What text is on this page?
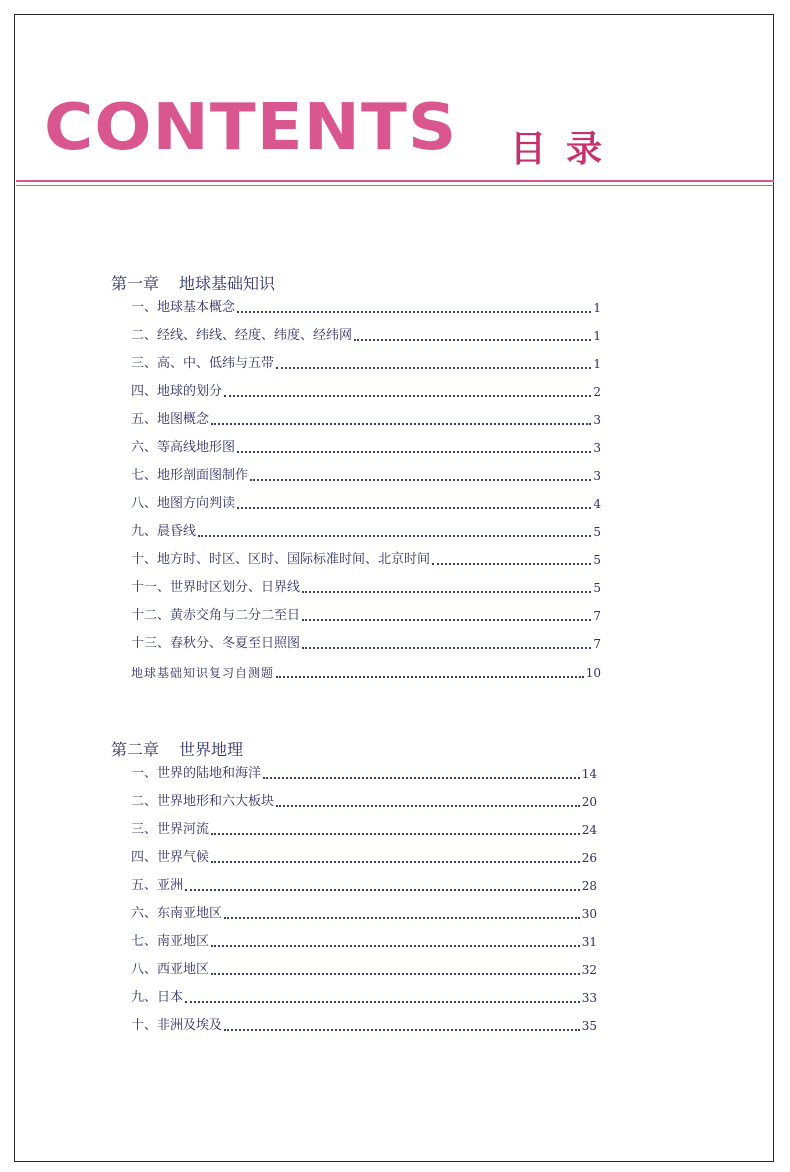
CONTENTS 目录
第一章 地球基础知识
一、地球基本概念	1
二、经线、纬线、经度、纬度、经纬网	1
三、高、中、低纬与五带	1
四、地球的划分	2
五、地图概念	3
六、等高线地形图	3
七、地形剖面图制作	3
八、地图方向判读	4
九、晨昏线	5
十、地方时、时区、区时、国际标准时间、北京时间	5
十一、世界时区划分、日界线	5
十二、黄赤交角与二分二至日	7
十三、春秋分、冬夏至日照图	7
地球基础知识复习自测题	10
第二章 世界地理
一、世界的陆地和海洋	14
二、世界地形和六大板块	20
三、世界河流	24
四、世界气候	26
五、亚洲	28
六、东南亚地区	30
七、南亚地区	31
八、西亚地区	32
九、日本	33
十、非洲及埃及	35
